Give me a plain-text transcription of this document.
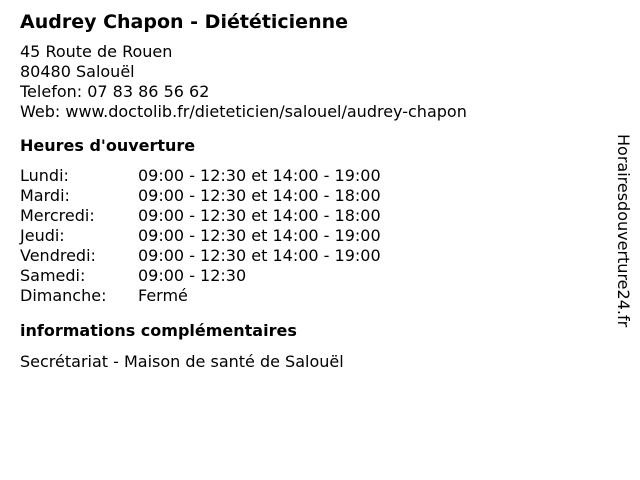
Audrey Chapon - Diététicienne
45 Route de Rouen
80480 Salouël
Telefon: 07 83 86 56 62
Web: www.doctolib.fr/dieteticien/salouel/audrey-chapon
Heures d'ouverture
Lundi:	09:00 - 12:30 et 14:00 - 19:00
Mardi:	09:00 - 12:30 et 14:00 - 18:00
Mercredi:	09:00 - 12:30 et 14:00 - 18:00
Jeudi:	09:00 - 12:30 et 14:00 - 19:00
Vendredi:	09:00 - 12:30 et 14:00 - 19:00
Samedi:	09:00 - 12:30
Dimanche:	Fermé
informations complémentaires
Secrétariat - Maison de santé de Salouël
Horairesdouverture24.fr
